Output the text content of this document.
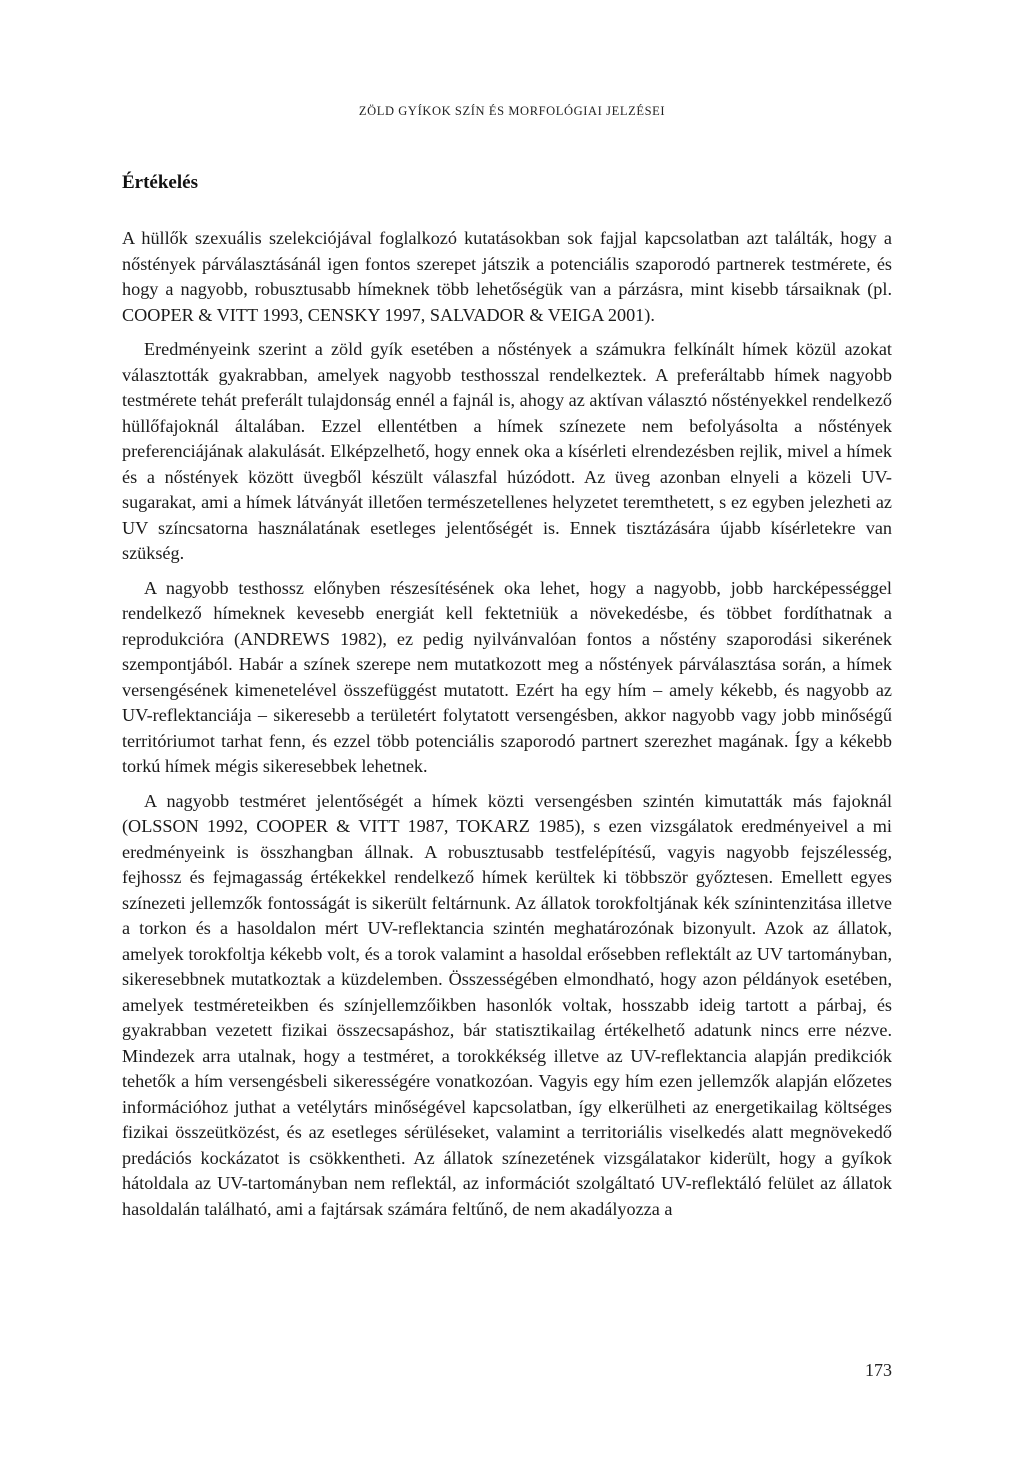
ZÖLD GYÍKOK SZÍN ÉS MORFOLÓGIAI JELZÉSEI
Értékelés

A hüllők szexuális szelekciójával foglalkozó kutatásokban sok fajjal kapcsolatban azt találták, hogy a nőstények párválasztásánál igen fontos szerepet játszik a potenciális szaporodó partnerek testmérete, és hogy a nagyobb, robusztusabb hímeknek több lehetőségük van a párzásra, mint kisebb társaiknak (pl. COOPER & VITT 1993, CENSKY 1997, SALVADOR & VEIGA 2001).

Eredményeink szerint a zöld gyík esetében a nőstények a számukra felkínált hímek közül azokat választották gyakrabban, amelyek nagyobb testhosszal rendelkeztek. A preferáltabb hímek nagyobb testmérete tehát preferált tulajdonság ennél a fajnál is, ahogy az aktívan választó nőstényekkel rendelkező hüllőfajoknál általában. Ezzel ellentétben a hímek színezete nem befolyásolta a nőstények preferenciájának alakulását. Elképzelhető, hogy ennek oka a kísérleti elrendezésben rejlik, mivel a hímek és a nőstények között üvegből készült válaszfal húzódott. Az üveg azonban elnyeli a közeli UV-sugarakat, ami a hímek látványát illetően természetellenes helyzetet teremthetett, s ez egyben jelezheti az UV színcsatorna használatának esetleges jelentőségét is. Ennek tisztázására újabb kísérletekre van szükség.

A nagyobb testhossz előnyben részesítésének oka lehet, hogy a nagyobb, jobb harcképességgel rendelkező hímeknek kevesebb energiát kell fektetniük a növekedésbe, és többet fordíthatnak a reprodukcióra (ANDREWS 1982), ez pedig nyilvánvalóan fontos a nőstény szaporodási sikerének szempontjából. Habár a színek szerepe nem mutatkozott meg a nőstények párválasztása során, a hímek versengésének kimenetelével összefüggést mutatott. Ezért ha egy hím – amely kékebb, és nagyobb az UV-reflektanciája – sikeresebb a területért folytatott versengésben, akkor nagyobb vagy jobb minőségű territóriumot tarhat fenn, és ezzel több potenciális szaporodó partnert szerezhet magának. Így a kékebb torkú hímek mégis sikeresebbek lehetnek.

A nagyobb testméret jelentőségét a hímek közti versengésben szintén kimutatták más fajoknál (OLSSON 1992, COOPER & VITT 1987, TOKARZ 1985), s ezen vizsgálatok eredményeivel a mi eredményeink is összhangban állnak. A robusztusabb testfelépítésű, vagyis nagyobb fejszélesség, fejhossz és fejmagasság értékekkel rendelkező hímek kerültek ki többször győztesen. Emellett egyes színezeti jellemzők fontosságát is sikerült feltárnunk. Az állatok torokfoltjának kék színintenzitása illetve a torkon és a hasoldalon mért UV-reflektancia szintén meghatározónak bizonyult. Azok az állatok, amelyek torokfoltja kékebb volt, és a torok valamint a hasoldal erősebben reflektált az UV tartományban, sikeresebbnek mutatkoztak a küzdelemben. Összességében elmondható, hogy azon példányok esetében, amelyek testméreteikben és színjellemzőikben hasonlók voltak, hosszabb ideig tartott a párbaj, és gyakrabban vezetett fizikai összecsapáshoz, bár statisztikailag értékelhető adatunk nincs erre nézve. Mindezek arra utalnak, hogy a testméret, a torokkékség illetve az UV-reflektancia alapján predikciók tehetők a hím versengésbeli sikerességére vonatkozóan. Vagyis egy hím ezen jellemzők alapján előzetes információhoz juthat a vetélytárs minőségével kapcsolatban, így elkerülheti az energetikailag költséges fizikai összeütközést, és az esetleges sérüléseket, valamint a territoriális viselkedés alatt megnövekedő predációs kockázatot is csökkentheti. Az állatok színezetének vizsgálatakor kiderült, hogy a gyíkok hátoldala az UV-tartományban nem reflektál, az információt szolgáltató UV-reflektáló felület az állatok hasoldalán található, ami a fajtársak számára feltűnő, de nem akadályozza a

173
